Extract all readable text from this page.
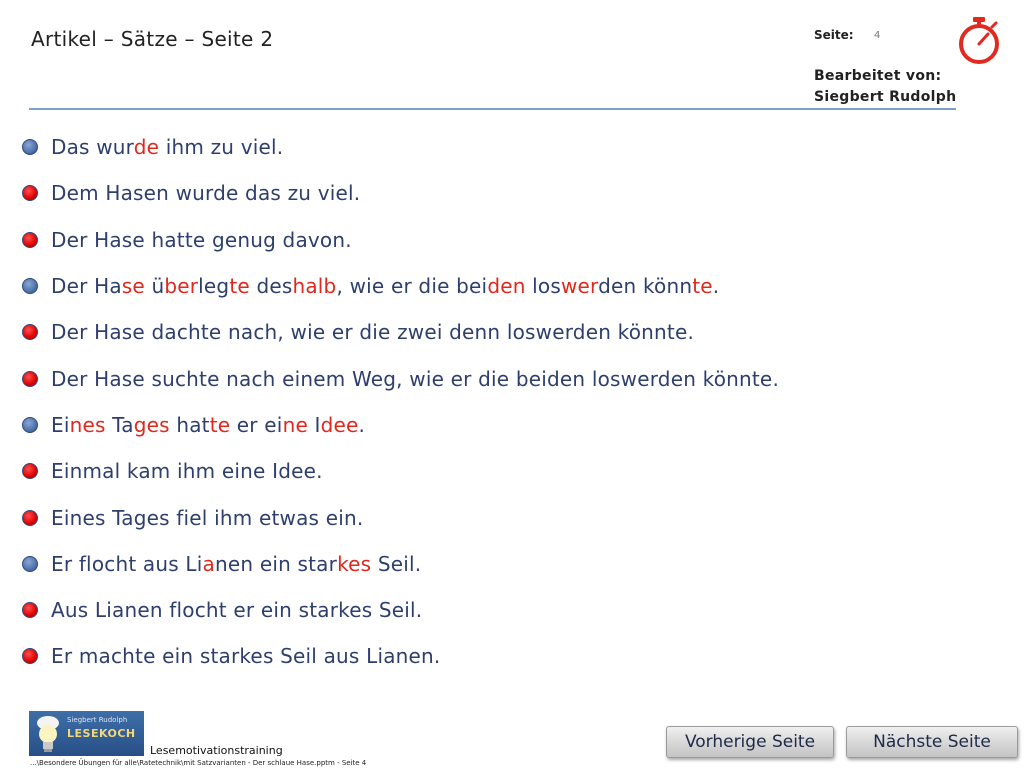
Artikel – Sätze – Seite 2	Seite: 4
Bearbeitet von:
Siegbert Rudolph
Das wurde ihm zu viel.
Dem Hasen wurde das zu viel.
Der Hase hatte genug davon.
Der Hase überlegte deshalb, wie er die beiden loswerden könnte.
Der Hase dachte nach, wie er die zwei denn loswerden könnte.
Der Hase suchte nach einem Weg, wie er die beiden loswerden könnte.
Eines Tages hatte er eine Idee.
Einmal kam ihm eine Idee.
Eines Tages fiel ihm etwas ein.
Er flocht aus Lianen ein starkes Seil.
Aus Lianen flocht er ein starkes Seil.
Er machte ein starkes Seil aus Lianen.
Siegbert Rudolph
LESEKOCH
Lesemotivationstraining
...\Besondere Übungen für alle\Ratetechnik\mit Satzvarianten - Der schlaue Hase.pptm - Seite 4
Vorherige Seite	Nächste Seite
